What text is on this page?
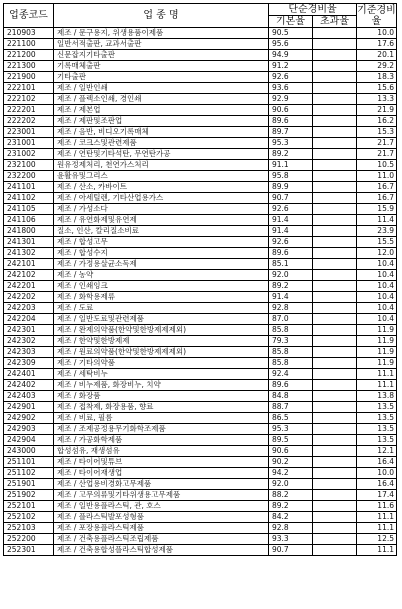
업종코드	업 종 명	단순경비율		기준경비율
		기본율	초과율	
210903	제조 / 문구용지, 위생용품이제품	90.5		10.0
221100	일반서적출판, 교과서출판	95.6		17.6
221200	신문잡지기타출판	94.9		20.1
221300	기록매체출판	91.2		29.2
221900	기타출판	92.6		18.3
222101	제조 / 일반인쇄	93.6		15.6
222102	제조 / 플렉소인쇄, 경인쇄	92.9		13.3
222201	제조 / 제본업	90.6		21.9
222202	제조 / 제판및조판업	89.6		16.2
223001	제조 / 음반, 비디오기록매체	89.7		15.3
231001	제조 / 코크스및관련제품	95.3		21.7
231002	제조 / 연탄및기타석탄, 무연탄가공	89.2		21.7
232100	원유정제처리, 천연가스처리	91.1		10.5
232200	윤활유및그리스	95.8		11.0
241101	제조 / 산소, 카바이트	89.9		16.7
241102	제조 / 아세틸렌, 기타산업용가스	90.7		16.7
241105	제조 / 가성소다	92.6		15.9
241106	제조 / 유연화제및유연제	91.4		11.4
241800	질소, 인산, 칼리질소비료	91.4		23.9
241301	제조 / 합성고무	92.6		15.5
241302	제조 / 합성수지	89.6		12.0
242101	제조 / 가정용살균소독제	85.1		10.4
242102	제조 / 농약	92.0		10.4
242201	제조 / 인쇄잉크	89.2		10.4
242202	제조 / 화학용제류	91.4		10.4
242203	제조 / 도료	92.8		10.4
242204	제조 / 일반도료및관련제품	87.0		10.4
242301	제조 / 완제의약품(한약및한방제제제외)	85.8		11.9
242302	제조 / 한약및한방제제	79.3		11.9
242303	제조 / 원료의약품(한약및한방제제제외)	85.8		11.9
242309	제조 / 기타의약품	85.8		11.9
242401	제조 / 세탁비누	92.4		11.1
242402	제조 / 비누제품, 화장비누, 치약	89.6		11.1
242403	제조 / 화장품	84.8		13.8
242901	제조 / 접착제, 화장용품, 향료	88.7		13.5
242902	제조 / 비료, 필름	86.5		13.5
242903	제조 / 조제공정용무기화학조제품	95.3		13.5
242904	제조 / 가공화학제품	89.5		13.5
243000	합성섬유, 재생섬유	90.6		12.1
251101	제조 / 타이어및튜브	90.2		16.4
251102	제조 / 타이어재생업	94.2		10.0
251901	제조 / 산업용비경화고무제품	92.0		16.4
251902	제조 / 고무의류및기타위생용고무제품	88.2		17.4
252101	제조 / 일반용플라스틱, 관, 호스	89.2		11.6
252102	제조 / 플라스틱발포성형품	84.2		11.1
252103	제조 / 포장용플라스틱제품	92.8		11.1
252200	제조 / 건축용플라스틱조립제품	93.3		12.5
252301	제조 / 건축용합성플라스틱합성제품	90.7		11.1
